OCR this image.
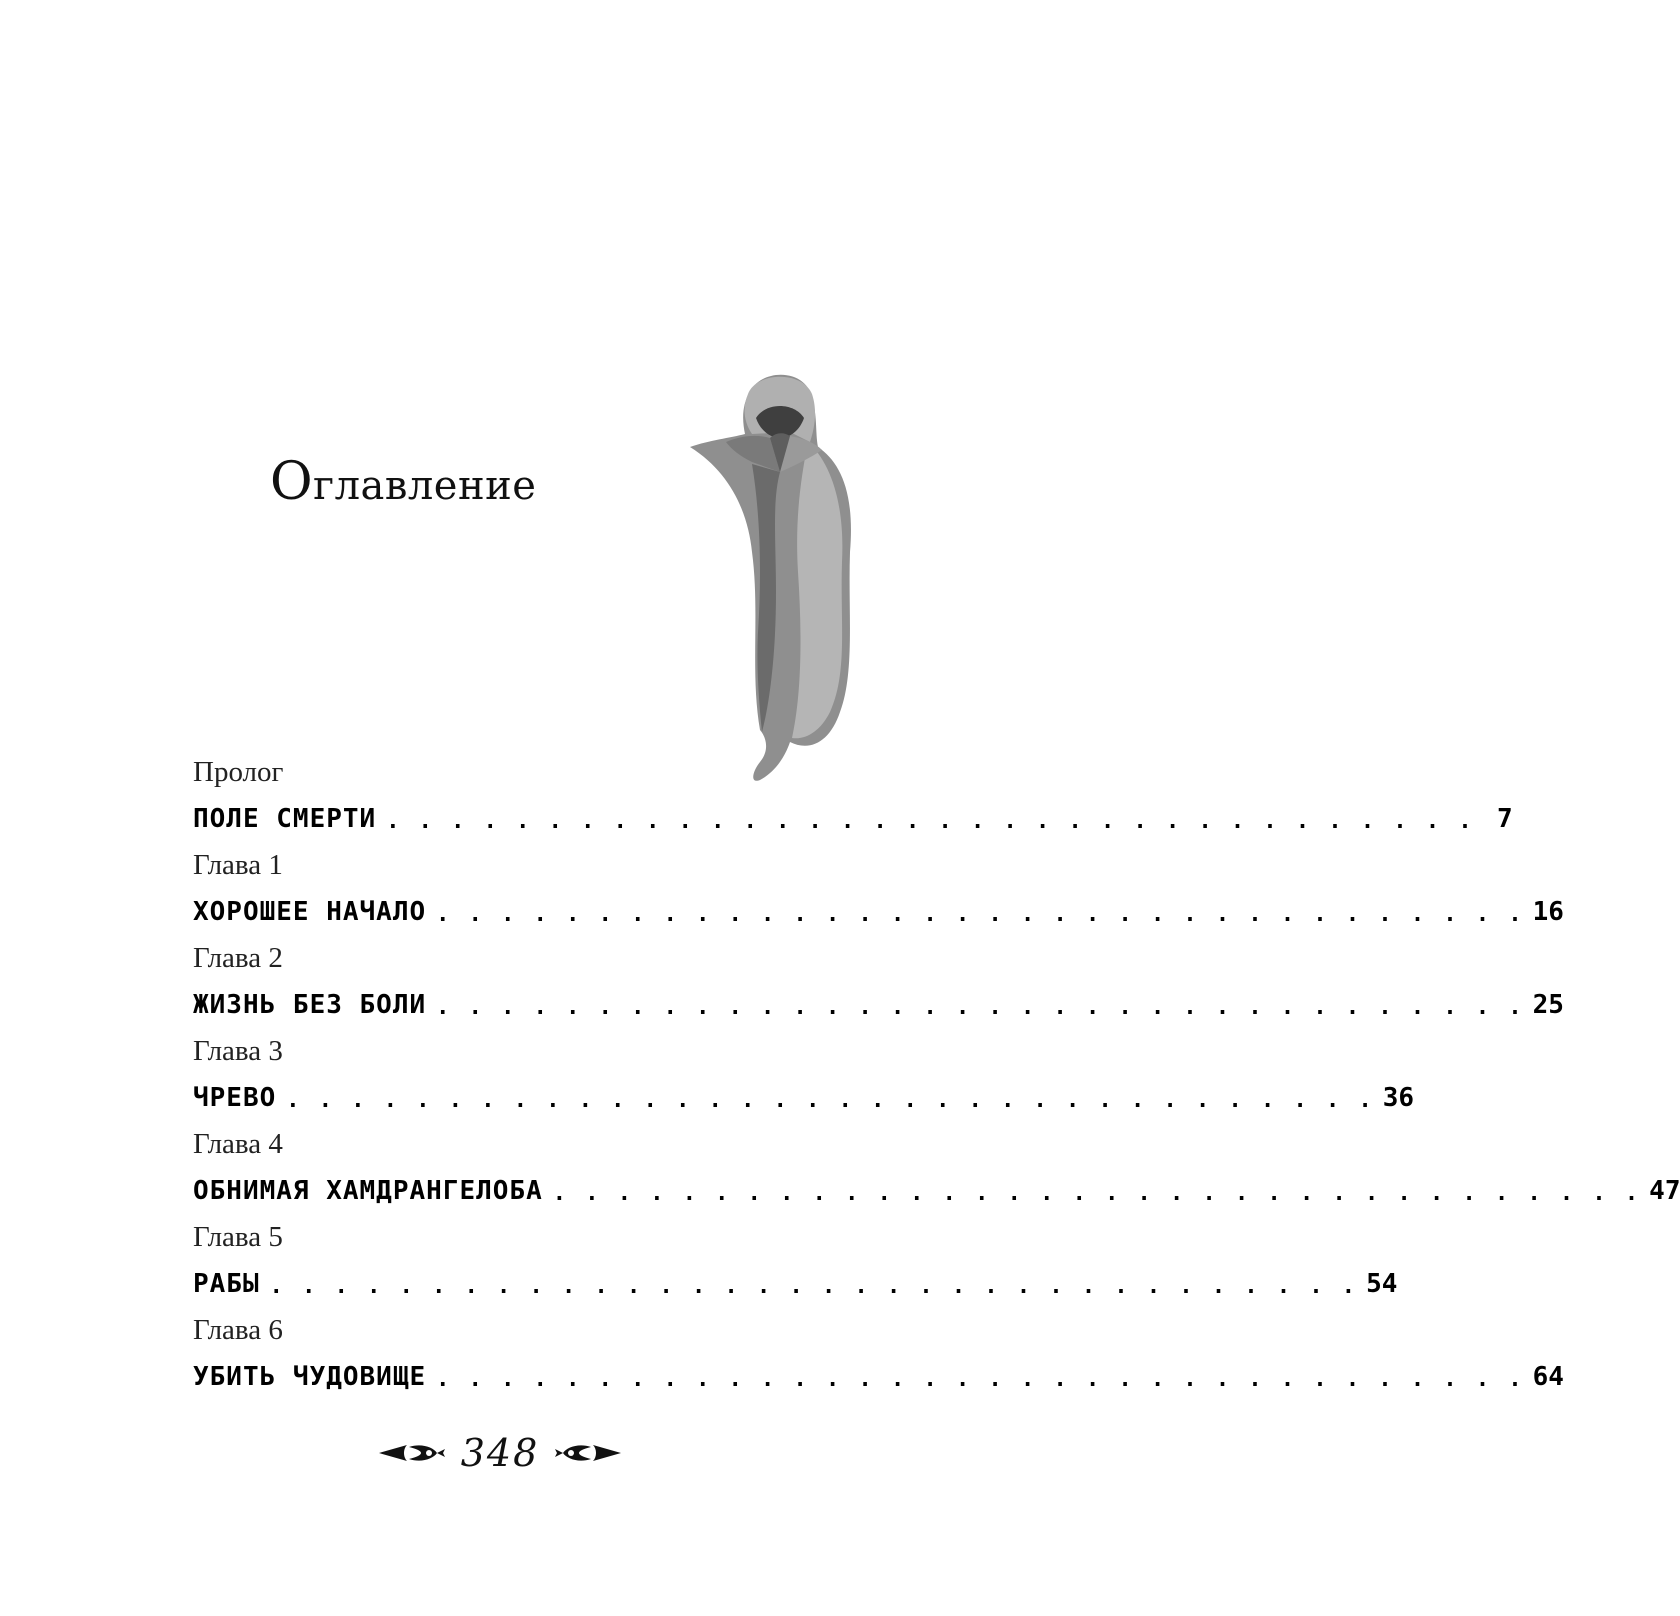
Оглавление
Пролог
ПОЛЕ СМЕРТИ . . . . . . . . . . . . . . . . . . . . . . . . . . . . . . . . . . 7
Глава 1
ХОРОШЕЕ НАЧАЛО . . . . . . . . . . . . . . . . . . . . . . . . . . . . . . . . . . 16
Глава 2
ЖИЗНЬ БЕЗ БОЛИ . . . . . . . . . . . . . . . . . . . . . . . . . . . . . . . . . . 25
Глава 3
ЧРЕВО . . . . . . . . . . . . . . . . . . . . . . . . . . . . . . . . . . 36
Глава 4
ОБНИМАЯ ХАМДРАНГЕЛОБА . . . . . . . . . . . . . . . . . . . . . . . . . . . . . . . . . . 47
Глава 5
РАБЫ . . . . . . . . . . . . . . . . . . . . . . . . . . . . . . . . . . 54
Глава 6
УБИТЬ ЧУДОВИЩЕ . . . . . . . . . . . . . . . . . . . . . . . . . . . . . . . . . . 64
348
